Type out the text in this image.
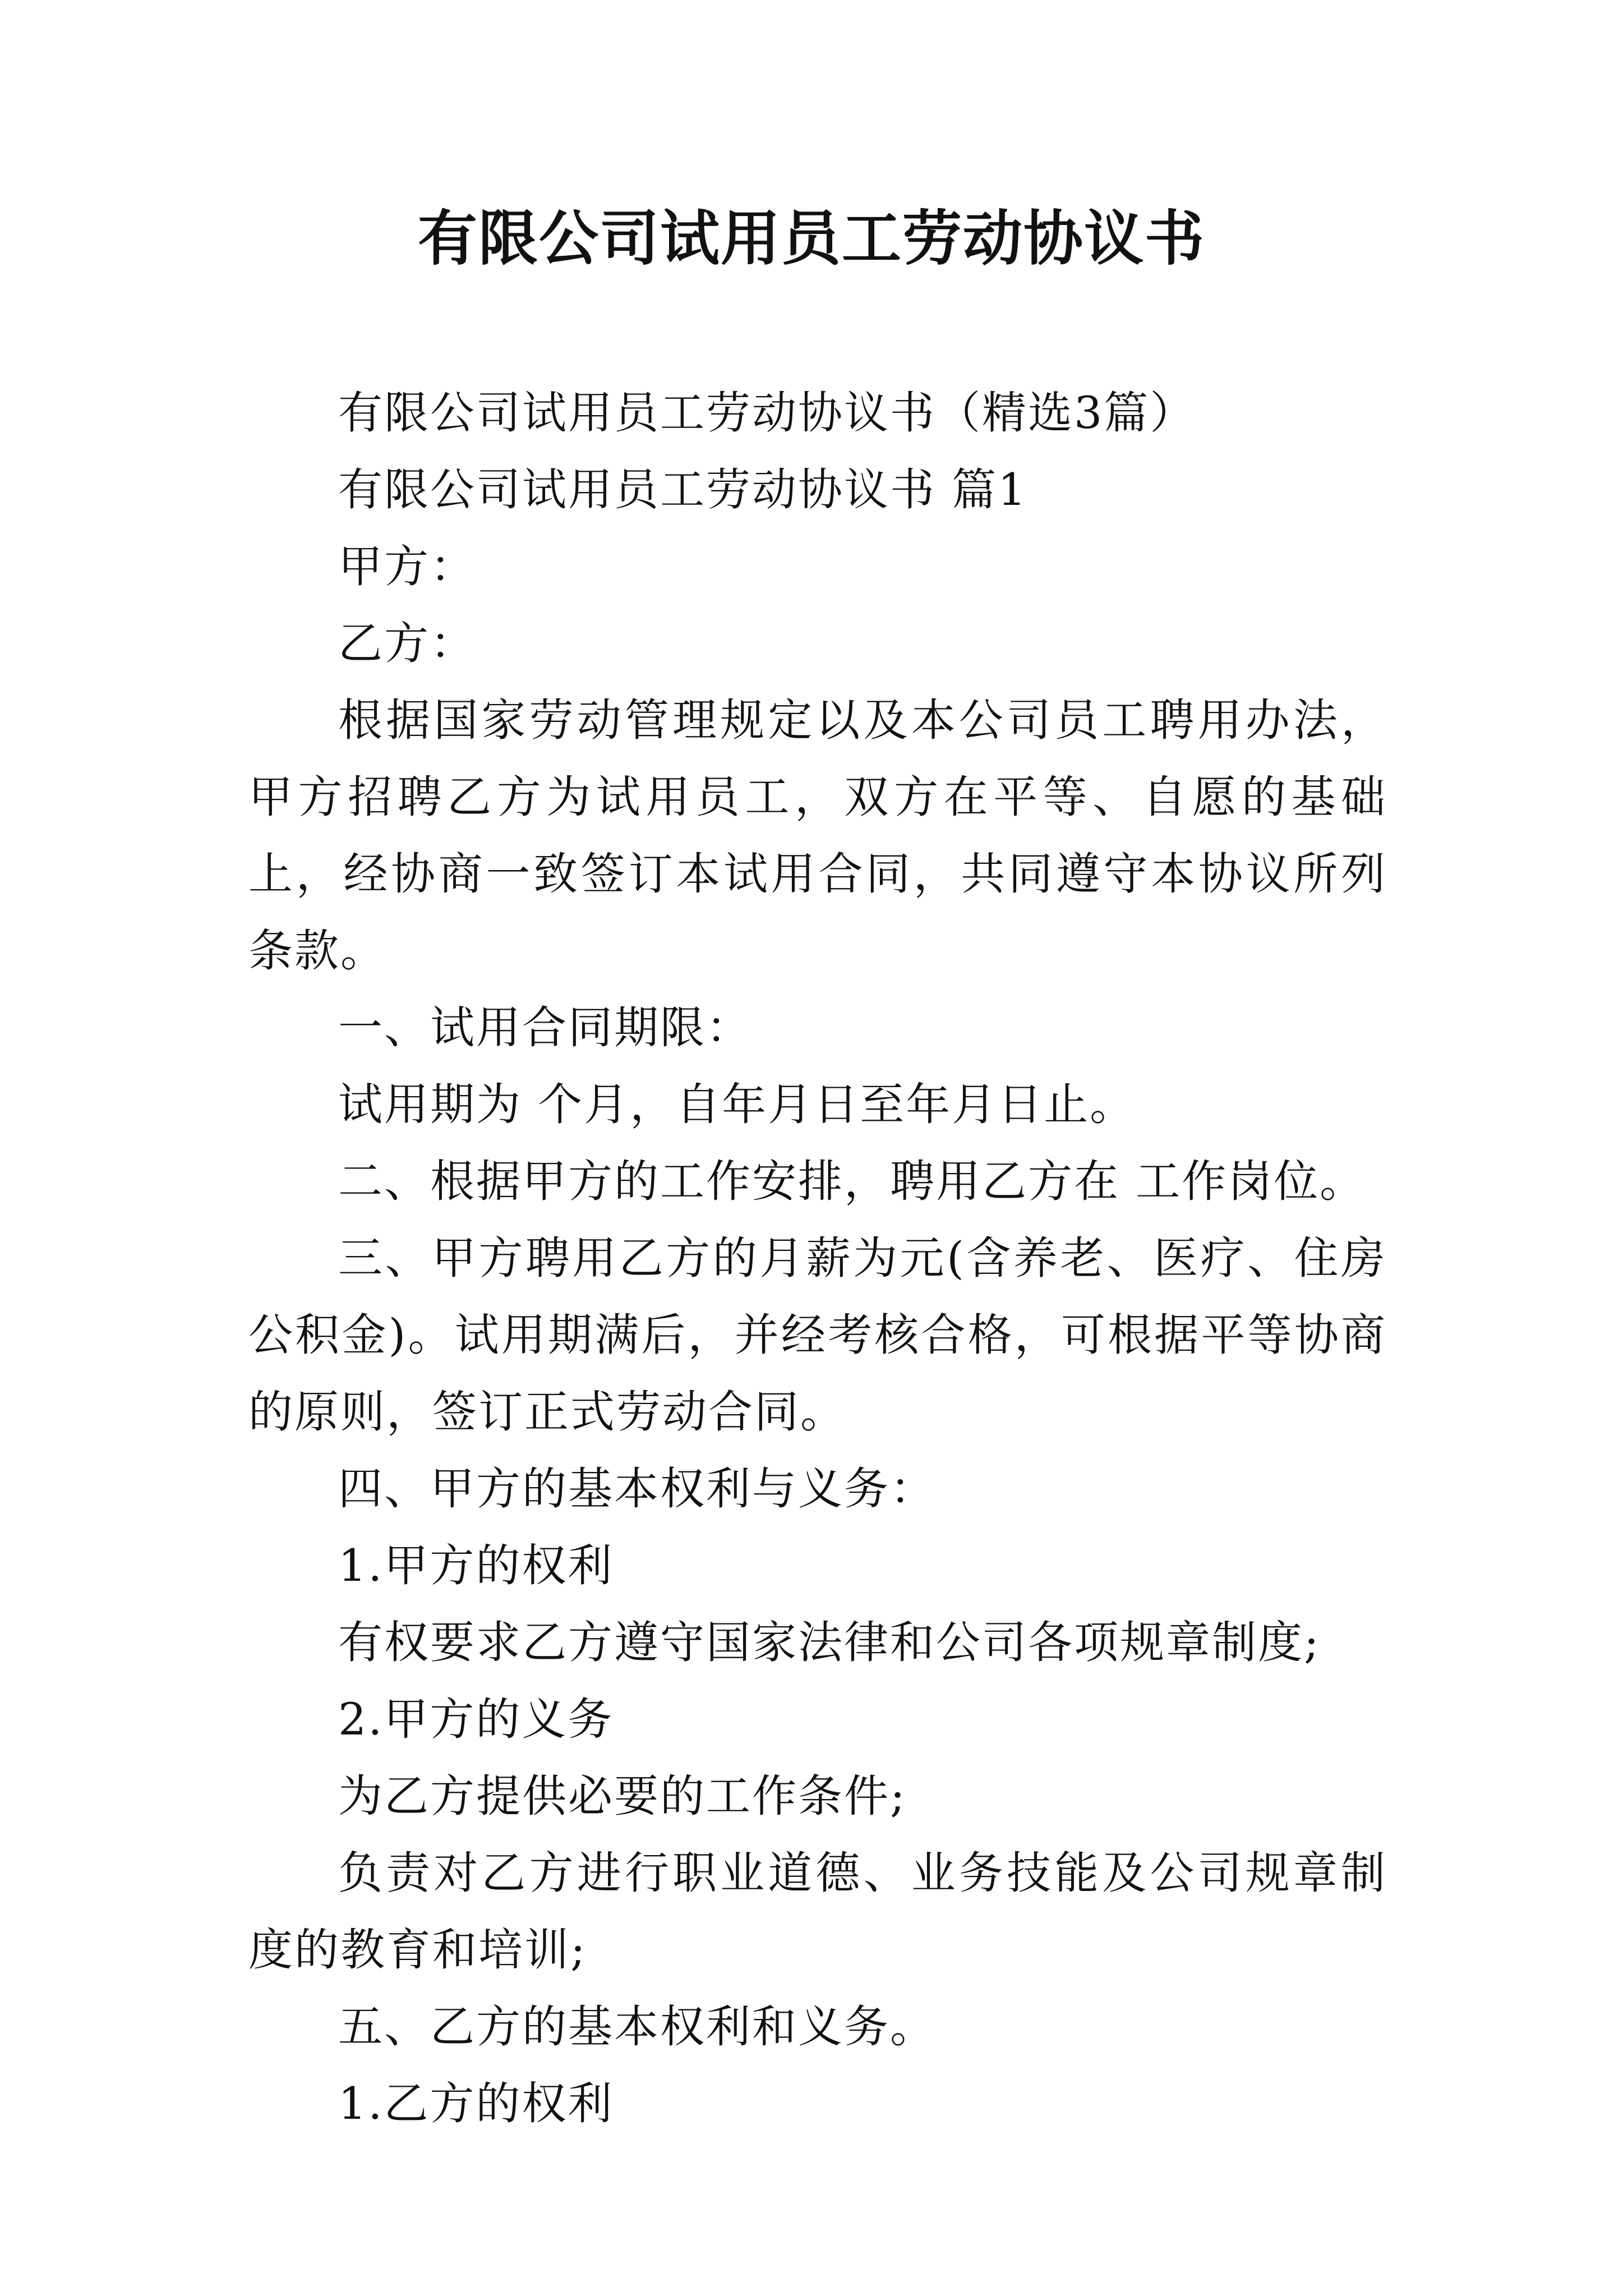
有限公司试用员工劳动协议书

有限公司试用员工劳动协议书（精选3篇）

有限公司试用员工劳动协议书 篇1

甲方：

乙方：

根据国家劳动管理规定以及本公司员工聘用办法，甲方招聘乙方为试用员工，双方在平等、自愿的基础上，经协商一致签订本试用合同，共同遵守本协议所列条款。

一、试用合同期限：

试用期为 个月，自年月日至年月日止。

二、根据甲方的工作安排，聘用乙方在 工作岗位。

三、甲方聘用乙方的月薪为元(含养老、医疗、住房公积金)。试用期满后，并经考核合格，可根据平等协商的原则，签订正式劳动合同。

四、甲方的基本权利与义务：

1.甲方的权利

有权要求乙方遵守国家法律和公司各项规章制度;

2.甲方的义务

为乙方提供必要的工作条件;

负责对乙方进行职业道德、业务技能及公司规章制度的教育和培训;

五、乙方的基本权利和义务。

1.乙方的权利
